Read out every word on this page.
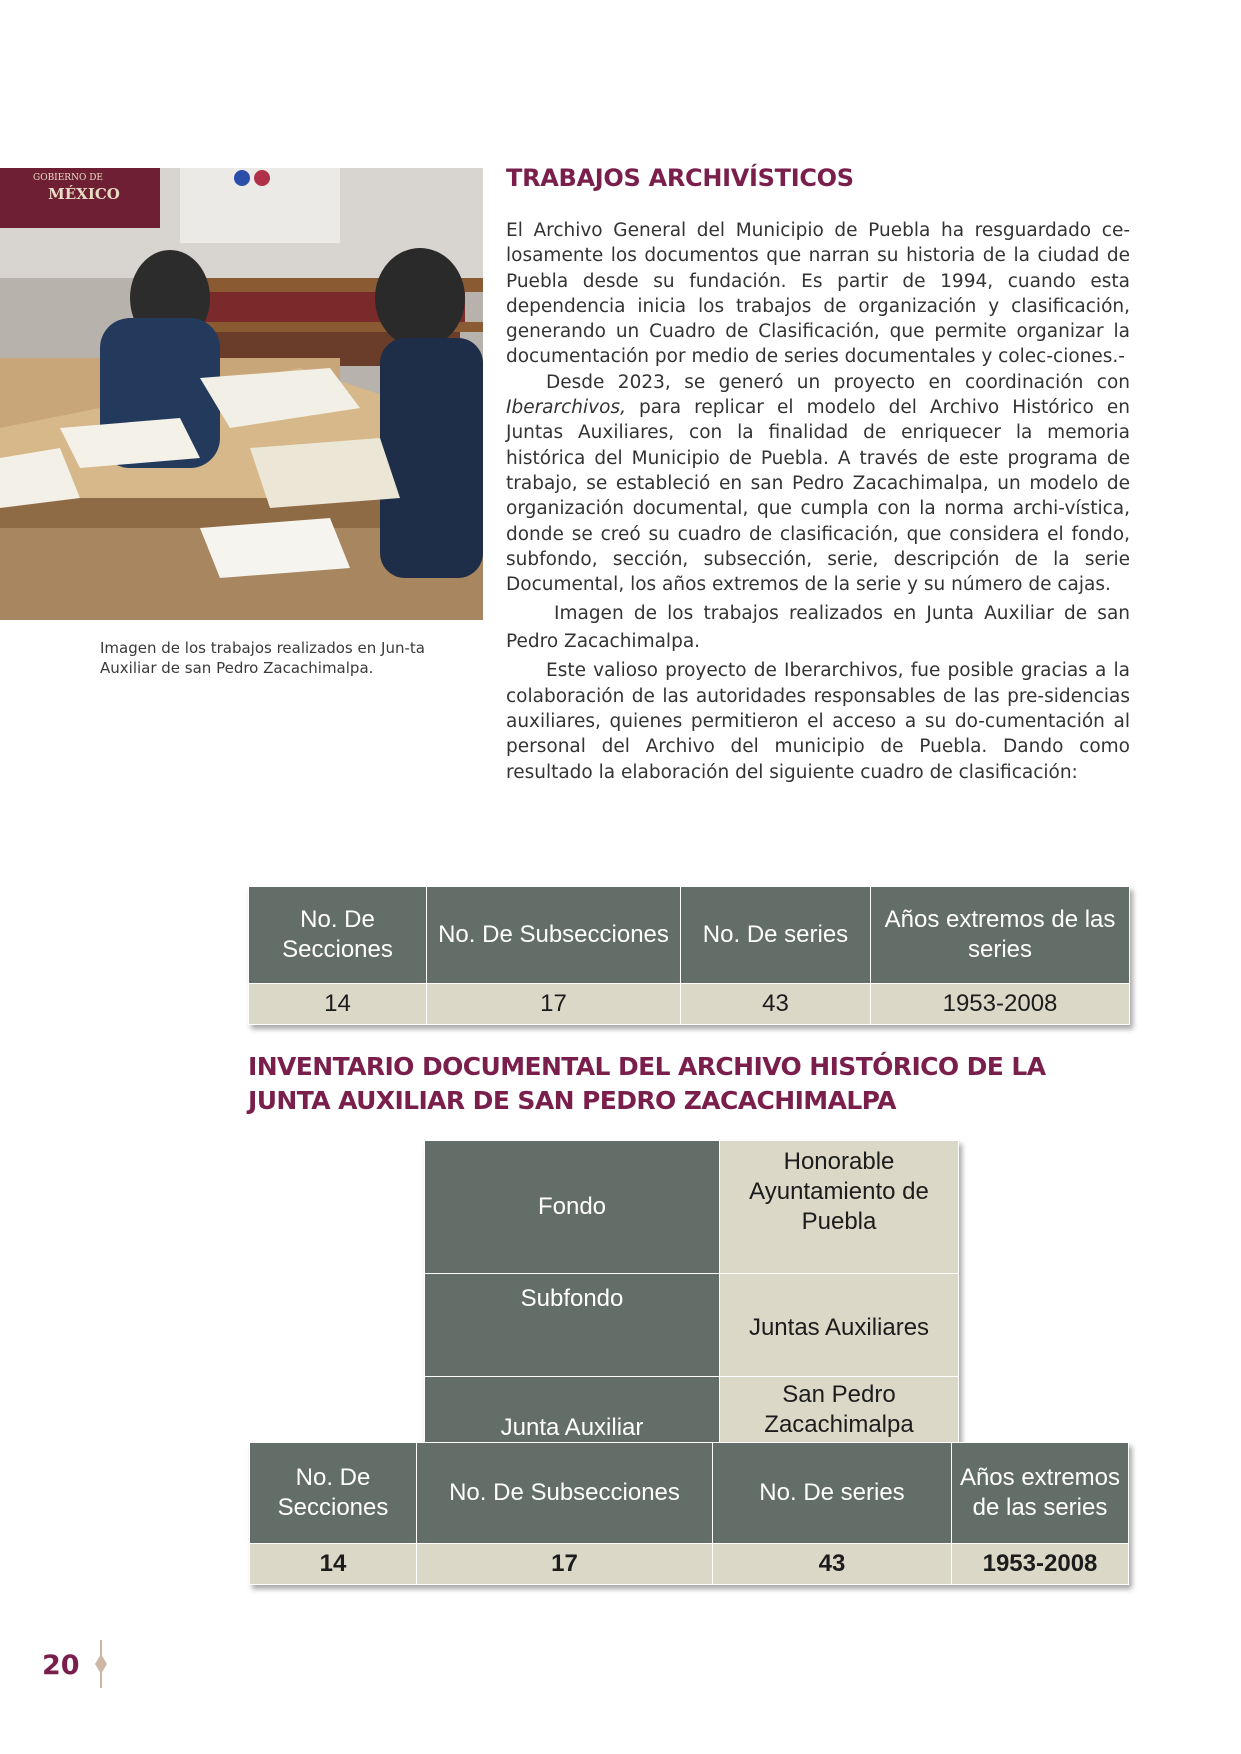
GOBIERNO DE
MÉXICO
Imagen de los trabajos realizados en Jun-ta Auxiliar de san Pedro Zacachimalpa.
TRABAJOS ARCHIVÍSTICOS

El Archivo General del Municipio de Puebla ha resguardado ce-losamente los documentos que narran su historia de la ciudad de Puebla desde su fundación. Es partir de 1994, cuando esta dependencia inicia los trabajos de organización y clasificación, generando un Cuadro de Clasificación, que permite organizar la documentación por medio de series documentales y colec-ciones.-

Desde 2023, se generó un proyecto en coordinación con Iberarchivos, para replicar el modelo del Archivo Histórico en Juntas Auxiliares, con la finalidad de enriquecer la memoria histórica del Municipio de Puebla. A través de este programa de trabajo, se estableció en san Pedro Zacachimalpa, un modelo de organización documental, que cumpla con la norma archi-vística, donde se creó su cuadro de clasificación, que considera el fondo, subfondo, sección, subsección, serie, descripción de la serie Documental, los años extremos de la serie y su número de cajas.

Imagen de los trabajos realizados en Junta Auxiliar de san Pedro Zacachimalpa.

Este valioso proyecto de Iberarchivos, fue posible gracias a la colaboración de las autoridades responsables de las pre-sidencias auxiliares, quienes permitieron el acceso a su do-cumentación al personal del Archivo del municipio de Puebla. Dando como resultado la elaboración del siguiente cuadro de clasificación:

No. De Secciones	No. De Subsecciones	No. De series	Años extremos de las series
14	17	43	1953-2008
INVENTARIO DOCUMENTAL DEL ARCHIVO HISTÓRICO DE LA JUNTA AUXILIAR DE SAN PEDRO ZACACHIMALPA
Fondo	Honorable Ayuntamiento de Puebla
Subfondo	Juntas Auxiliares
Junta Auxiliar	San Pedro Zacachimalpa
No. De Secciones	No. De Subsecciones	No. De series	Años extremos de las series
14	17	43	1953-2008
20
